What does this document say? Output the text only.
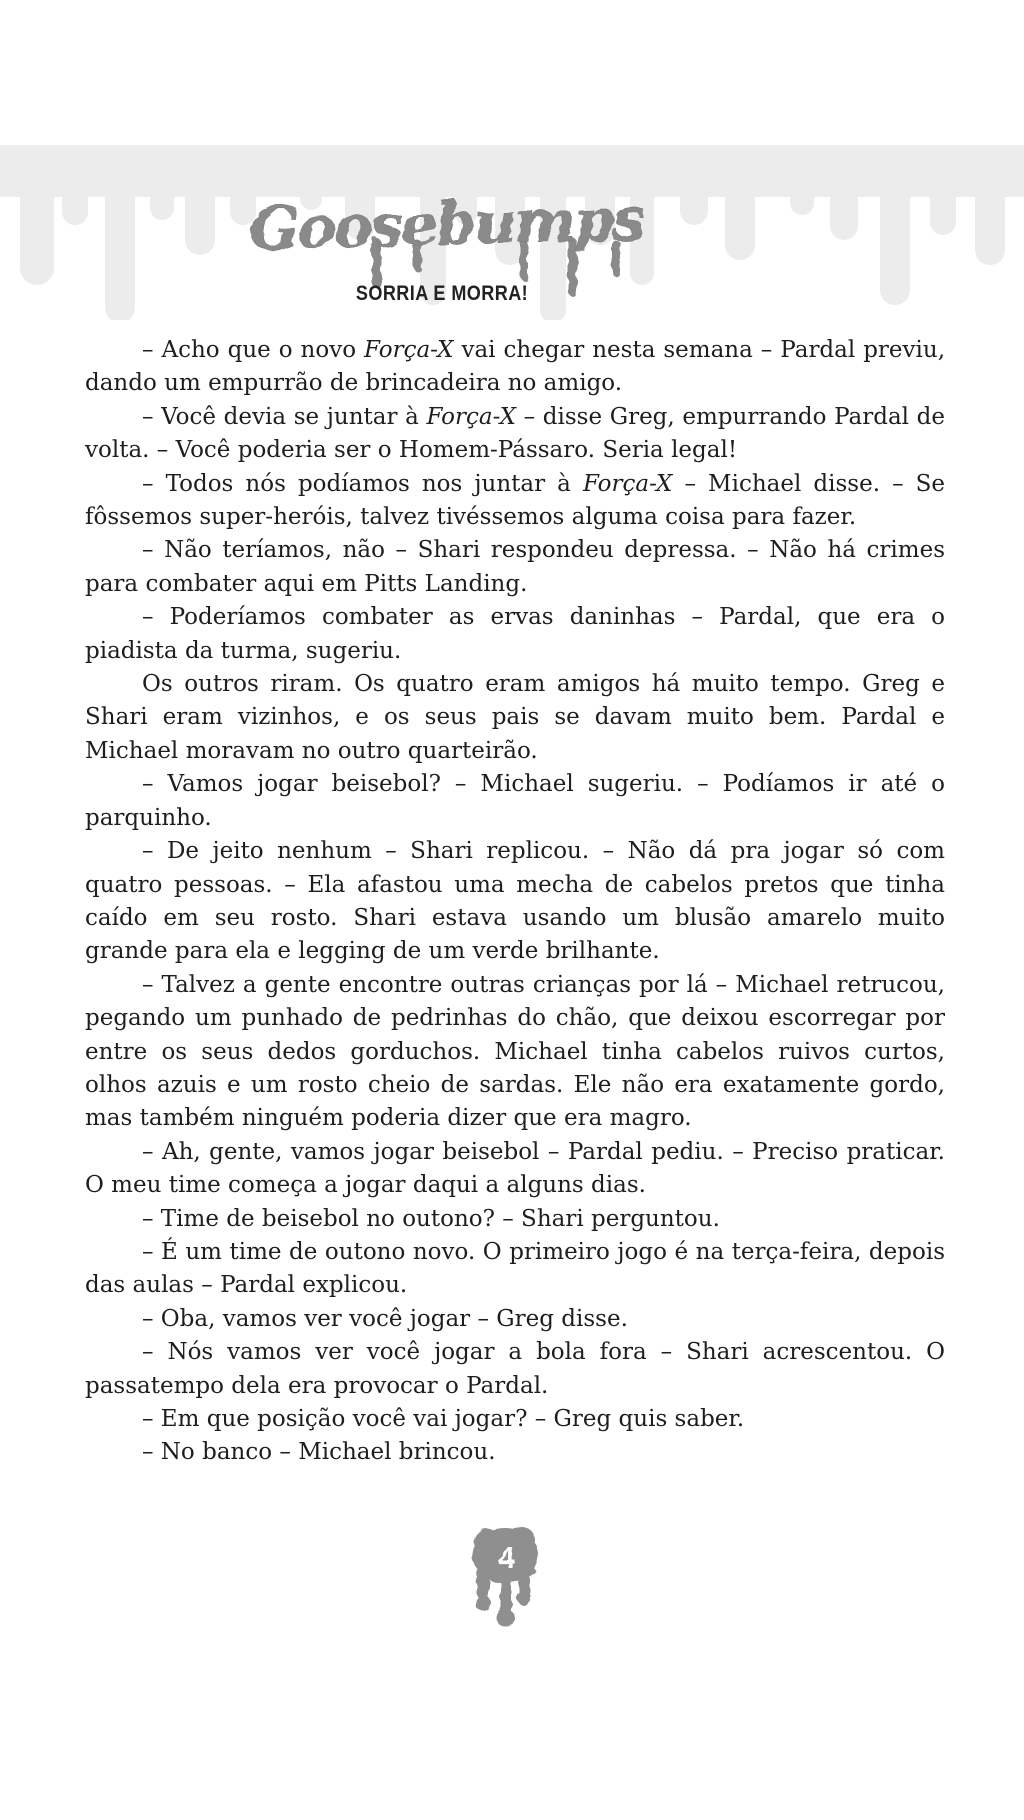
Goosebumps
SORRIA E MORRA!

– Acho que o novo Força-X vai chegar nesta semana – Pardal previu, dando um empurrão de brincadeira no amigo.

– Você devia se juntar à Força-X – disse Greg, empurrando Pardal de volta. – Você poderia ser o Homem-Pássaro. Seria legal!

– Todos nós podíamos nos juntar à Força-X – Michael disse. – Se fôssemos super-heróis, talvez tivéssemos alguma coisa para fazer.

– Não teríamos, não – Shari respondeu depressa. – Não há crimes para combater aqui em Pitts Landing.

– Poderíamos combater as ervas daninhas – Pardal, que era o piadista da turma, sugeriu.

Os outros riram. Os quatro eram amigos há muito tempo. Greg e Shari eram vizinhos, e os seus pais se davam muito bem. Pardal e Michael moravam no outro quarteirão.

– Vamos jogar beisebol? – Michael sugeriu. – Podíamos ir até o parquinho.

– De jeito nenhum – Shari replicou. – Não dá pra jogar só com quatro pessoas. – Ela afastou uma mecha de cabelos pretos que tinha caído em seu rosto. Shari estava usando um blusão amarelo muito grande para ela e legging de um verde brilhante.

– Talvez a gente encontre outras crianças por lá – Michael retrucou, pegando um punhado de pedrinhas do chão, que deixou escorregar por entre os seus dedos gorduchos. Michael tinha cabelos ruivos curtos, olhos azuis e um rosto cheio de sardas. Ele não era exatamente gordo, mas também ninguém poderia dizer que era magro.

– Ah, gente, vamos jogar beisebol – Pardal pediu. – Preciso praticar. O meu time começa a jogar daqui a alguns dias.

– Time de beisebol no outono? – Shari perguntou.

– É um time de outono novo. O primeiro jogo é na terça-feira, depois das aulas – Pardal explicou.

– Oba, vamos ver você jogar – Greg disse.

– Nós vamos ver você jogar a bola fora – Shari acrescentou. O passatempo dela era provocar o Pardal.

– Em que posição você vai jogar? – Greg quis saber.

– No banco – Michael brincou.

4
